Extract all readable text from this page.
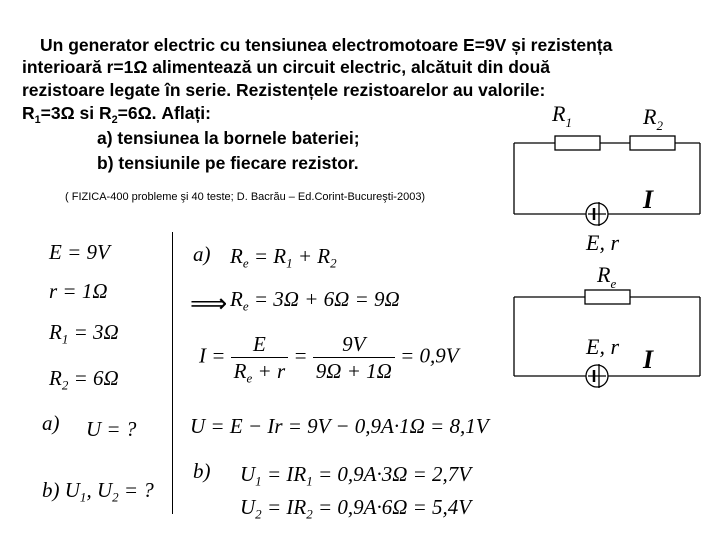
Un generator electric cu tensiunea electromotoare E=9V și rezistența
interioară r=1Ω alimentează un circuit electric, alcătuit din două
rezistoare legate în serie. Rezistențele rezistoarelor au valorile:
$R_1=3\Omega$ si $R_2=6\Omega$. Aflați:
a) tensiunea la bornele bateriei;
b) tensiunile pe fiecare rezistor.
( FIZICA-400 probleme şi 40 teste; D. Bacrău – Ed.Corint-Bucureşti-2003)
E = 9V
r = 1Ω
$R_1 = 3\Omega$
$R_2 = 6\Omega$
a) U = ?
b) $U_1$, $U_2$ = ?
a) $R_e = R_1 + R_2$
⟹ $R_e = 3\Omega + 6\Omega = 9\Omega$
$I = \frac{E}{R_e + r} = \frac{9V}{9\Omega + 1\Omega} = 0,9V$
U = E − Ir = 9V − 0,9A·1Ω = 8,1V
b) $U_1 = IR_1 = 0,9A\cdot 3\Omega = 2,7V$
$U_2 = IR_2 = 0,9A\cdot 6\Omega = 5,4V$
$R_1$	$R_2$
I
E, r
$R_e$
E, r I
